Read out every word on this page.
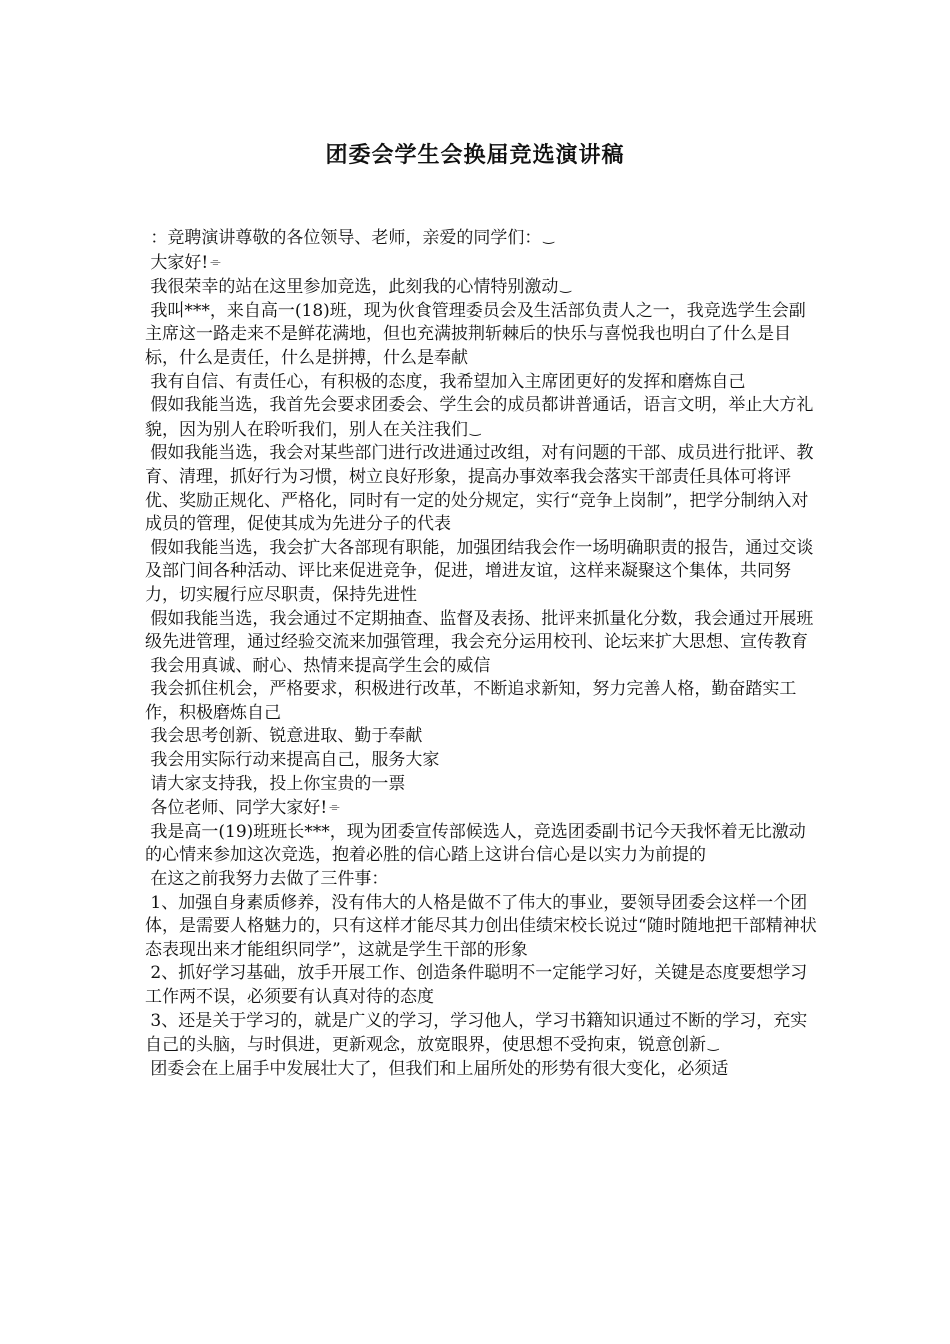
团委会学生会换届竞选演讲稿

：竞聘演讲尊敬的各位领导、老师，亲爱的同学们： ‿

大家好! ⌯

我很荣幸的站在这里参加竞选，此刻我的心情特别激动 ‿

我叫***，来自高一(18)班，现为伙食管理委员会及生活部负责人之一，我竞选学生会副主席这一路走来不是鲜花满地，但也充满披荆斩棘后的快乐与喜悦我也明白了什么是目标，什么是责任，什么是拼搏，什么是奉献

我有自信、有责任心，有积极的态度，我希望加入主席团更好的发挥和磨炼自己

假如我能当选，我首先会要求团委会、学生会的成员都讲普通话，语言文明，举止大方礼貌，因为别人在聆听我们，别人在关注我们 ‿

假如我能当选，我会对某些部门进行改进通过改组，对有问题的干部、成员进行批评、教育、清理，抓好行为习惯，树立良好形象，提高办事效率我会落实干部责任具体可将评优、奖励正规化、严格化，同时有一定的处分规定，实行“竞争上岗制”，把学分制纳入对成员的管理，促使其成为先进分子的代表

假如我能当选，我会扩大各部现有职能，加强团结我会作一场明确职责的报告，通过交谈及部门间各种活动、评比来促进竞争，促进，增进友谊，这样来凝聚这个集体，共同努力，切实履行应尽职责，保持先进性

假如我能当选，我会通过不定期抽查、监督及表扬、批评来抓量化分数，我会通过开展班级先进管理，通过经验交流来加强管理，我会充分运用校刊、论坛来扩大思想、宣传教育

我会用真诚、耐心、热情来提高学生会的威信

我会抓住机会，严格要求，积极进行改革，不断追求新知，努力完善人格，勤奋踏实工作，积极磨炼自己

我会思考创新、锐意进取、勤于奉献

我会用实际行动来提高自己，服务大家

请大家支持我，投上你宝贵的一票

各位老师、同学大家好! ⌯

我是高一(19)班班长***，现为团委宣传部候选人，竞选团委副书记今天我怀着无比激动的心情来参加这次竞选，抱着必胜的信心踏上这讲台信心是以实力为前提的

在这之前我努力去做了三件事：

1、加强自身素质修养，没有伟大的人格是做不了伟大的事业，要领导团委会这样一个团体，是需要人格魅力的，只有这样才能尽其力创出佳绩宋校长说过“随时随地把干部精神状态表现出来才能组织同学”，这就是学生干部的形象

2、抓好学习基础，放手开展工作、创造条件聪明不一定能学习好，关键是态度要想学习工作两不误，必须要有认真对待的态度

3、还是关于学习的，就是广义的学习，学习他人，学习书籍知识通过不断的学习，充实自己的头脑，与时俱进，更新观念，放宽眼界，使思想不受拘束，锐意创新 ‿

团委会在上届手中发展壮大了，但我们和上届所处的形势有很大变化，必须适
